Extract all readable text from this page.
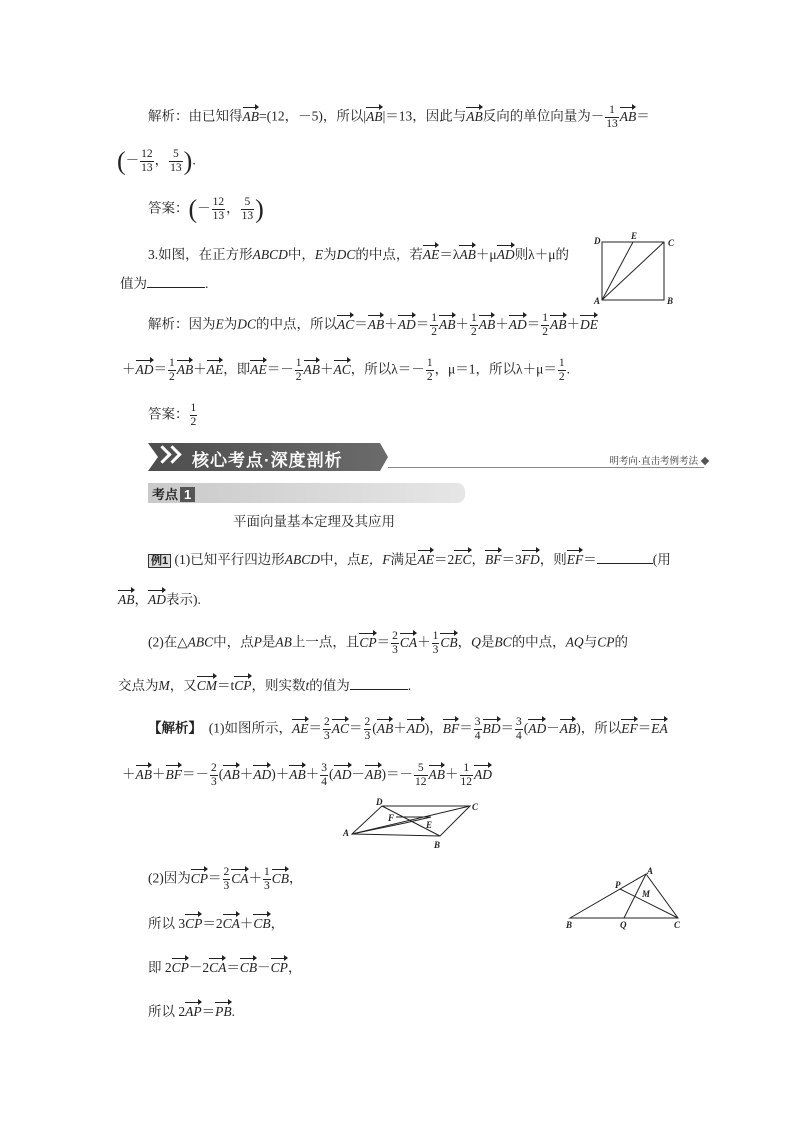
解析：由已知得AB=(12，－5)，所以|AB|＝13，因此与AB反向的单位向量为－ $\frac{1}{13} AB=$
(－ $\frac{12}{13}$ ， $\frac{5}{13}$ ).
答案：(－ $\frac{12}{13}$ ， $\frac{5}{13}$ )
3.如图，在正方形ABCD中，E为DC的中点，若AE＝λAB＋μAD则λ＋μ的
值为	.
D	E
C
A	B
解析：因为E为DC的中点，所以$AC=AB+AD= \frac{1}{2} AB+ \frac{1}{2} AB+AD= \frac{1}{2} AB+DE$
$+AD= \frac{1}{2} AB+AE$，即$AE=- \frac{1}{2} AB+AC$，所以$\lambda=- \frac{1}{2}$ ，μ＝1，所以$\lambda+\mu= \frac{1}{2}$ .
答案： $\frac{1}{2}$
核心考点·深度剖析	明考向·直击考例考法
考点 1
平面向量基本定理及其应用
例1 (1)已知平行四边形ABCD中，点E，F满足AE＝2EC，BF＝3FD，则EF＝	(用
AB，AD表示).
(2)在△ABC中，点P是AB上一点，且$CP= \frac{2}{3} CA+ \frac{1}{3}$ CB，Q是BC的中点，AQ与CP的
交点为M，又CM＝tCP，则实数t的值为	.
【解析】 (1)如图所示，$AE= \frac{2}{3} AC= \frac{2}{3} (AB+AD)$，$BF= \frac{3}{4} BD= \frac{3}{4} (AD-AB)$，所以EF＝EA
$+AB+BF=- \frac{2}{3} (AB+AD)+AB+ \frac{3}{4} (AD-AB)=- \frac{5}{12} AB+ \frac{1}{12}$ AD
A
D	C
B
F
E
(2)因为$CP= \frac{2}{3} CA+ \frac{1}{3}$ CB，
所以 3CP＝2CA＋CB，
即 2CP－2CA＝CB－CP，
所以 2AP＝PB.
A
P
M
B	Q	C
